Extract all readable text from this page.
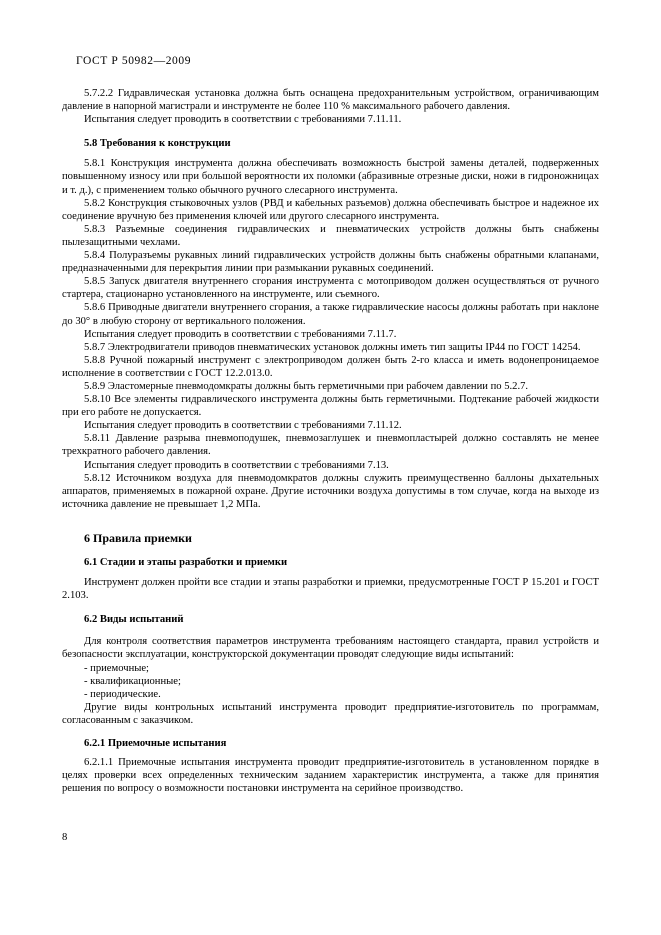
ГОСТ Р 50982—2009

5.7.2.2 Гидравлическая установка должна быть оснащена предохранительным устройством, ограничивающим давление в напорной магистрали и инструменте не более 110 % максимального рабочего давления.

Испытания следует проводить в соответствии с требованиями 7.11.11.

5.8 Требования к конструкции

5.8.1 Конструкция инструмента должна обеспечивать возможность быстрой замены деталей, подверженных повышенному износу или при большой вероятности их поломки (абразивные отрезные диски, ножи в гидроножницах и т. д.), с применением только обычного ручного слесарного инструмента.

5.8.2 Конструкция стыковочных узлов (РВД и кабельных разъемов) должна обеспечивать быстрое и надежное их соединение вручную без применения ключей или другого слесарного инструмента.

5.8.3 Разъемные соединения гидравлических и пневматических устройств должны быть снабжены пылезащитными чехлами.

5.8.4 Полуразъемы рукавных линий гидравлических устройств должны быть снабжены обратными клапанами, предназначенными для перекрытия линии при размыкании рукавных соединений.

5.8.5 Запуск двигателя внутреннего сгорания инструмента с мотоприводом должен осуществляться от ручного стартера, стационарно установленного на инструменте, или съемного.

5.8.6 Приводные двигатели внутреннего сгорания, а также гидравлические насосы должны работать при наклоне до 30° в любую сторону от вертикального положения.

Испытания следует проводить в соответствии с требованиями 7.11.7.

5.8.7 Электродвигатели приводов пневматических установок должны иметь тип защиты IP44 по ГОСТ 14254.

5.8.8 Ручной пожарный инструмент с электроприводом должен быть 2-го класса и иметь водонепроницаемое исполнение в соответствии с ГОСТ 12.2.013.0.

5.8.9 Эластомерные пневмодомкраты должны быть герметичными при рабочем давлении по 5.2.7.

5.8.10 Все элементы гидравлического инструмента должны быть герметичными. Подтекание рабочей жидкости при его работе не допускается.

Испытания следует проводить в соответствии с требованиями 7.11.12.

5.8.11 Давление разрыва пневмоподушек, пневмозаглушек и пневмопластырей должно составлять не менее трехкратного рабочего давления.

Испытания следует проводить в соответствии с требованиями 7.13.

5.8.12 Источником воздуха для пневмодомкратов должны служить преимущественно баллоны дыхательных аппаратов, применяемых в пожарной охране. Другие источники воздуха допустимы в том случае, когда на выходе из источника давление не превышает 1,2 МПа.

6 Правила приемки
6.1 Стадии и этапы разработки и приемки

Инструмент должен пройти все стадии и этапы разработки и приемки, предусмотренные ГОСТ Р 15.201 и ГОСТ 2.103.

6.2 Виды испытаний

Для контроля соответствия параметров инструмента требованиям настоящего стандарта, правил устройств и безопасности эксплуатации, конструкторской документации проводят следующие виды испытаний:

- приемочные;

- квалификационные;

- периодические.

Другие виды контрольных испытаний инструмента проводит предприятие-изготовитель по программам, согласованным с заказчиком.

6.2.1 Приемочные испытания

6.2.1.1 Приемочные испытания инструмента проводит предприятие-изготовитель в установленном порядке в целях проверки всех определенных техническим заданием характеристик инструмента, а также для принятия решения по вопросу о возможности постановки инструмента на серийное производство.

8
